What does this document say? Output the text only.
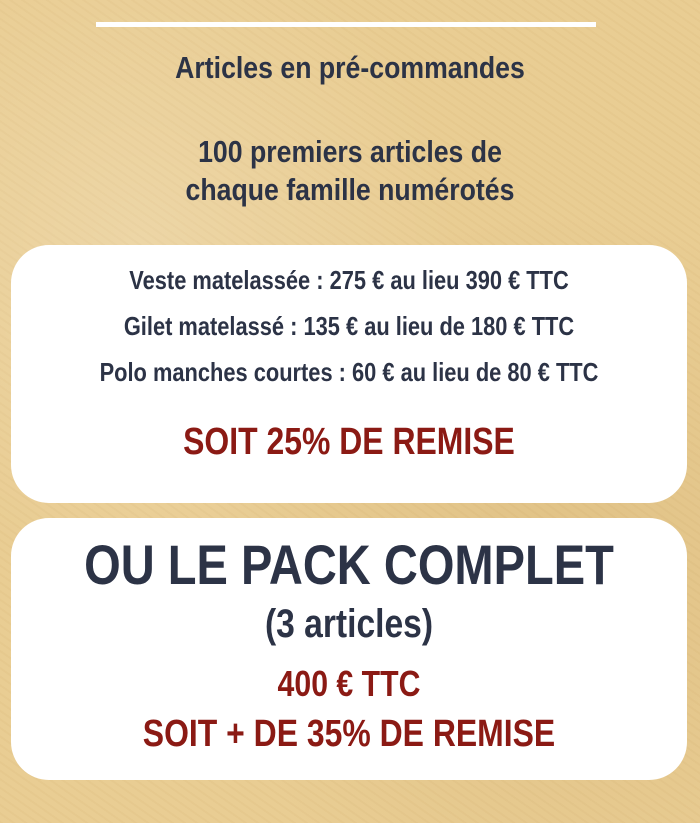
Articles en pré-commandes
100 premiers articles de
chaque famille numérotés
Veste matelassée : 275 € au lieu 390 € TTC
Gilet matelassé : 135 € au lieu de 180 € TTC
Polo manches courtes : 60 € au lieu de 80 € TTC
SOIT 25% DE REMISE
OU LE PACK COMPLET
(3 articles)
400 € TTC
SOIT + DE 35% DE REMISE
